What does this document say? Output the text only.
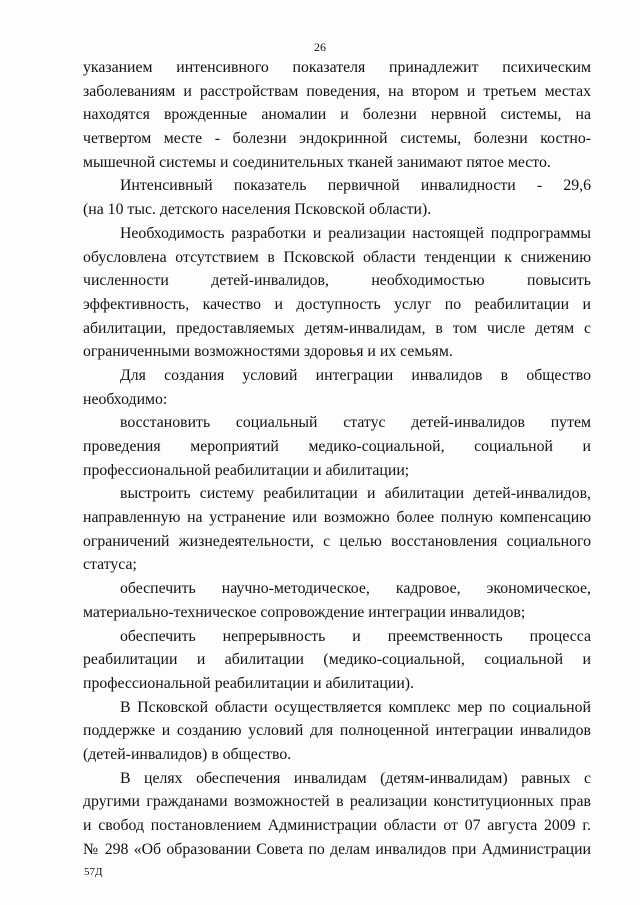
26
указанием интенсивного показателя принадлежит психическим
заболеваниям и расстройствам поведения, на втором и третьем местах
находятся врожденные аномалии и болезни нервной системы, на
четвертом месте - болезни эндокринной системы, болезни костно-
мышечной системы и соединительных тканей занимают пятое место.
Интенсивный показатель первичной инвалидности - 29,6
(на 10 тыс. детского населения Псковской области).
Необходимость разработки и реализации настоящей подпрограммы
обусловлена отсутствием в Псковской области тенденции к снижению
численности детей-инвалидов, необходимостью повысить
эффективность, качество и доступность услуг по реабилитации и
абилитации, предоставляемых детям-инвалидам, в том числе детям с
ограниченными возможностями здоровья и их семьям.
Для создания условий интеграции инвалидов в общество
необходимо:
восстановить социальный статус детей-инвалидов путем
проведения мероприятий медико-социальной, социальной и
профессиональной реабилитации и абилитации;
выстроить систему реабилитации и абилитации детей-инвалидов,
направленную на устранение или возможно более полную компенсацию
ограничений жизнедеятельности, с целью восстановления социального
статуса;
обеспечить научно-методическое, кадровое, экономическое,
материально-техническое сопровождение интеграции инвалидов;
обеспечить непрерывность и преемственность процесса
реабилитации и абилитации (медико-социальной, социальной и
профессиональной реабилитации и абилитации).
В Псковской области осуществляется комплекс мер по социальной
поддержке и созданию условий для полноценной интеграции инвалидов
(детей-инвалидов) в общество.
В целях обеспечения инвалидам (детям-инвалидам) равных с
другими гражданами возможностей в реализации конституционных прав
и свобод постановлением Администрации области от 07 августа 2009 г.
№ 298 «Об образовании Совета по делам инвалидов при Администрации
57Д
